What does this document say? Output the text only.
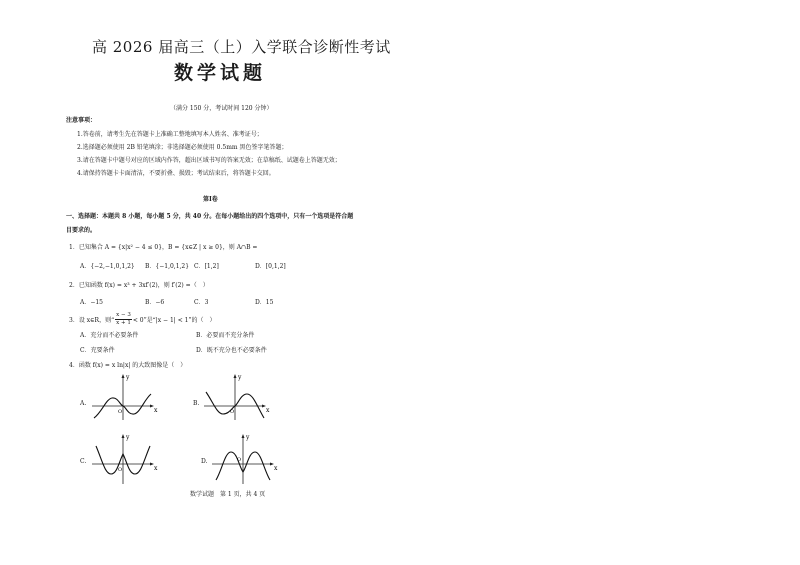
高 2026 届高三（上）入学联合诊断性考试
数学试题
（满分 150 分，考试时间 120 分钟）
注意事项：
1.答卷前，请考生先在答题卡上准确工整地填写本人姓名、准考证号；
2.选择题必须使用 2B 铅笔填涂；非选择题必须使用 0.5mm 黑色签字笔答题；
3.请在答题卡中题号对应的区域内作答，超出区域书写的答案无效；在草稿纸、试题卷上答题无效；
4.请保持答题卡卡面清洁，不要折叠、损毁；考试结束后，将答题卡交回。
第Ⅰ卷
一、选择题：本题共 8 小题，每小题 5 分，共 40 分。在每小题给出的四个选项中，只有一个选项是符合题
目要求的。
1．已知集合 A = {x|x² − 4 ≤ 0}，B = {x∈Z | x ≥ 0}，则 A∩B =
A．{−2,−1,0,1,2} B．{−1,0,1,2} C．[1,2]	D．[0,1,2]
2．已知函数 f(x) = x³ + 3xf′(2)，则 f′(2) =（　）
A．−15	B．−6	C．3	D．15
3．设 x∈R，则“ $\frac{x - 3}{x + 1} < 0$”是“|x − 1| < 1”的（　）
A．充分而不必要条件	B．必要而不充分条件
C．充要条件	D．既不充分也不必要条件
4．函数 f(x) = x ln|x| 的大致图像是（　）
A.	B.
C.	D.
x
y
O	x
y
O
x
y
O	x
y
O
数学试题　第 1 页，共 4 页
